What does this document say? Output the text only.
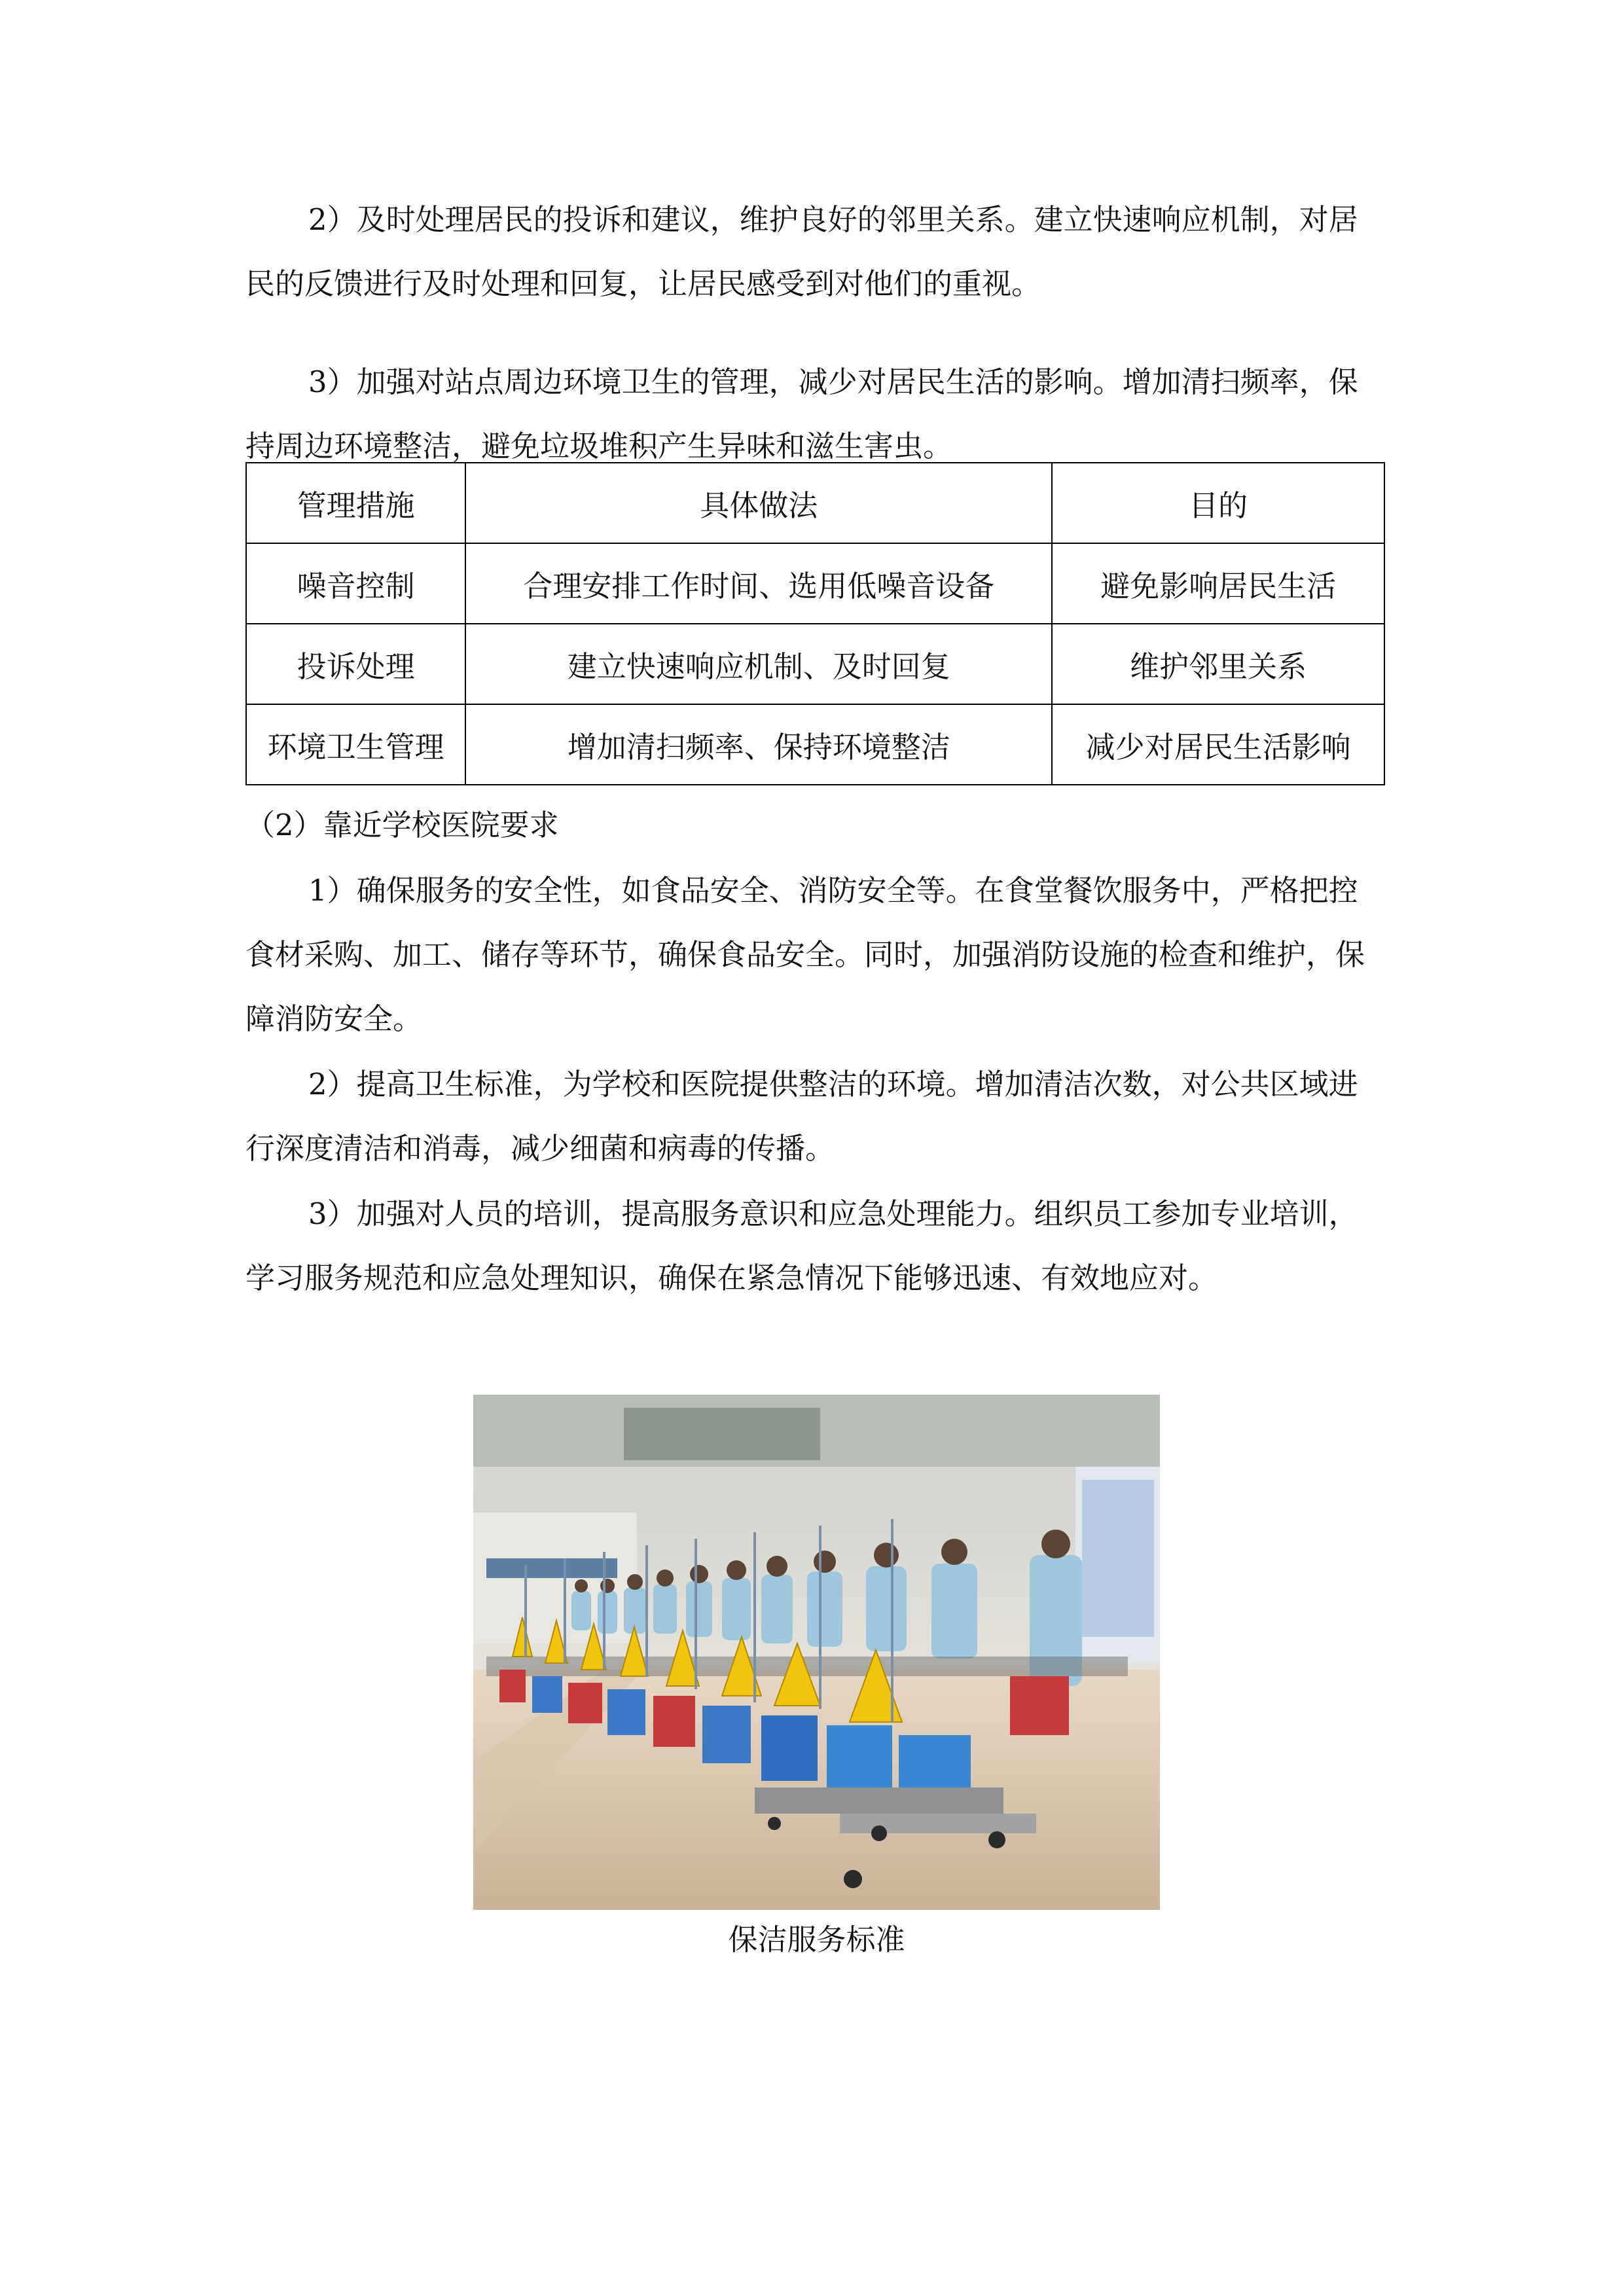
2）及时处理居民的投诉和建议，维护良好的邻里关系。建立快速响应机制，对居民的反馈进行及时处理和回复，让居民感受到对他们的重视。

3）加强对站点周边环境卫生的管理，减少对居民生活的影响。增加清扫频率，保持周边环境整洁，避免垃圾堆积产生异味和滋生害虫。

管理措施	具体做法	目的
噪音控制	合理安排工作时间、选用低噪音设备	避免影响居民生活
投诉处理	建立快速响应机制、及时回复	维护邻里关系
环境卫生管理	增加清扫频率、保持环境整洁	减少对居民生活影响

（2）靠近学校医院要求

1）确保服务的安全性，如食品安全、消防安全等。在食堂餐饮服务中，严格把控食材采购、加工、储存等环节，确保食品安全。同时，加强消防设施的检查和维护，保障消防安全。

2）提高卫生标准，为学校和医院提供整洁的环境。增加清洁次数，对公共区域进行深度清洁和消毒，减少细菌和病毒的传播。

3）加强对人员的培训，提高服务意识和应急处理能力。组织员工参加专业培训，学习服务规范和应急处理知识，确保在紧急情况下能够迅速、有效地应对。

保洁服务标准
